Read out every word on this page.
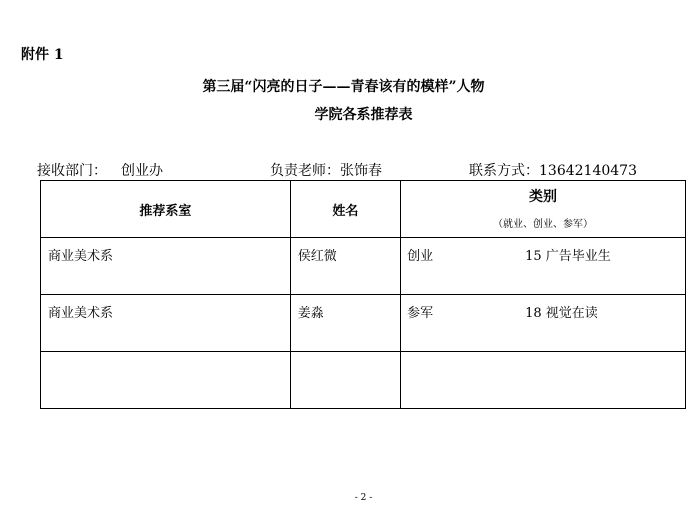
附件 1
第三届“闪亮的日子——青春该有的模样”人物
学院各系推荐表
接收部门： 创业办	负责老师：张饰春	联系方式：13642140473
推荐系室	姓名	类别
（就业、创业、参军）

商业美术系	侯红微	创业 15 广告毕业生

商业美术系	姜淼	参军 18 视觉在读

- 2 -
